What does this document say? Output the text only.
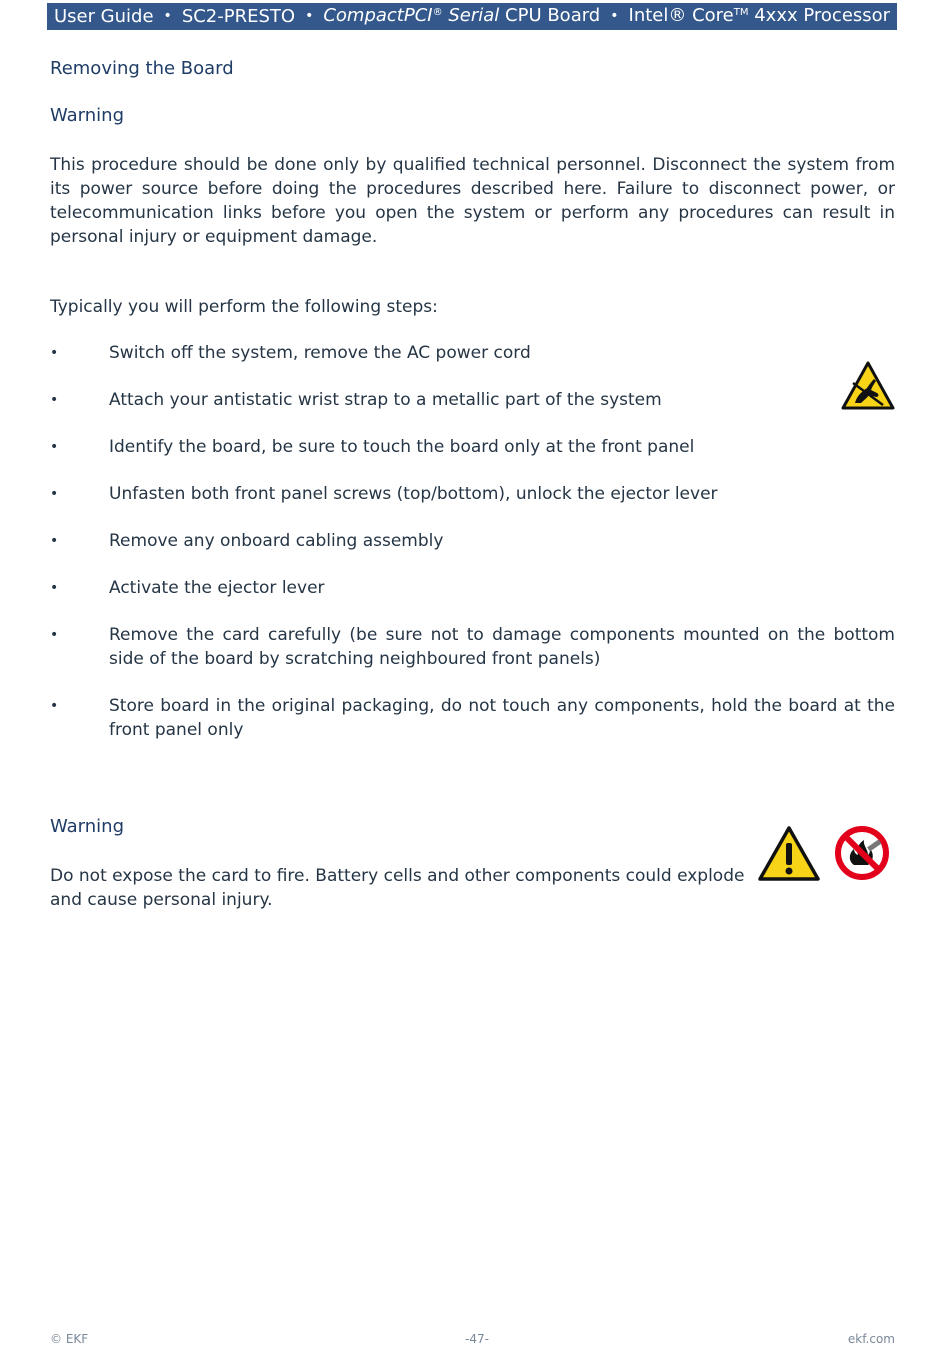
User Guide • SC2-PRESTO • CompactPCI® Serial CPU Board • Intel® Core™ 4xxx Processor
Removing the Board
Warning

This procedure should be done only by qualified technical personnel. Disconnect the system from its power source before doing the procedures described here. Failure to disconnect power, or telecommunication links before you open the system or perform any procedures can result in personal injury or equipment damage.

Typically you will perform the following steps:

•	Switch off the system, remove the AC power cord
•	Attach your antistatic wrist strap to a metallic part of the system
•	Identify the board, be sure to touch the board only at the front panel
•	Unfasten both front panel screws (top/bottom), unlock the ejector lever
•	Remove any onboard cabling assembly
•	Activate the ejector lever
•	Remove the card carefully (be sure not to damage components mounted on the bottom side of the board by scratching neighboured front panels)
•	Store board in the original packaging, do not touch any components, hold the board at the front panel only
Warning

Do not expose the card to fire. Battery cells and other components could explode and cause personal injury.

© EKF	-47-	ekf.com
